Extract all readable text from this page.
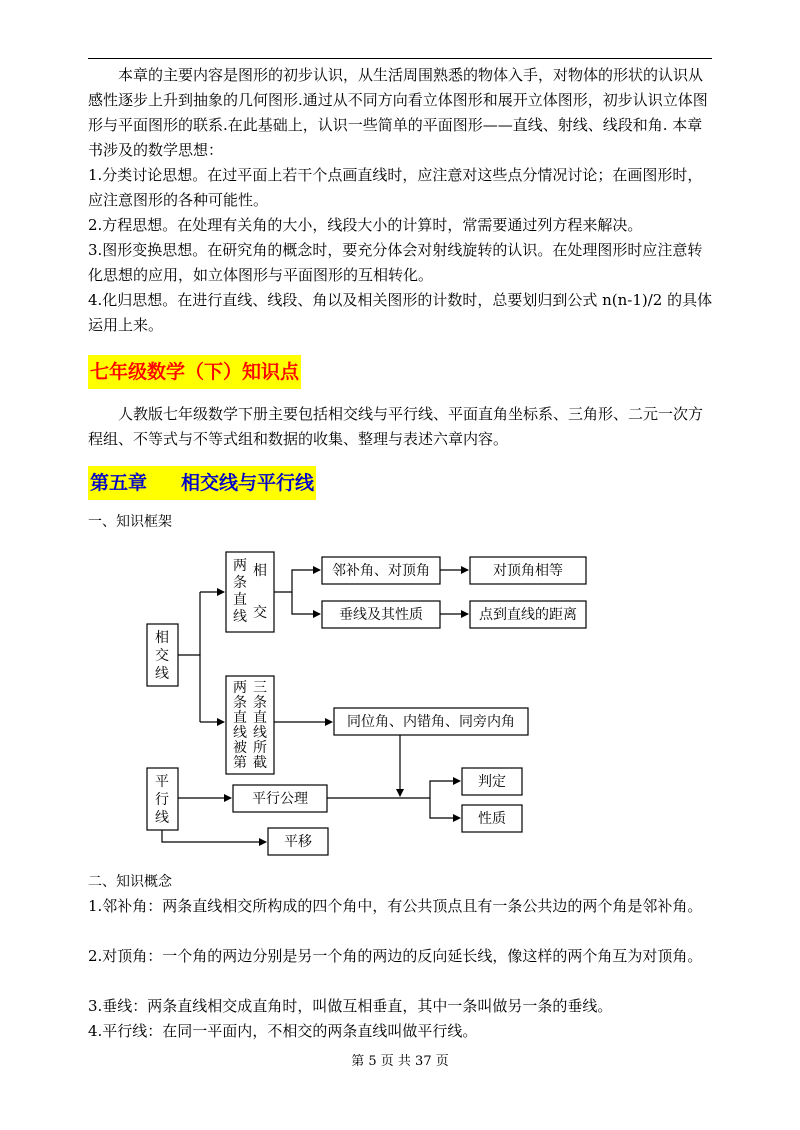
本章的主要内容是图形的初步认识，从生活周围熟悉的物体入手，对物体的形状的认识从感性逐步上升到抽象的几何图形.通过从不同方向看立体图形和展开立体图形，初步认识立体图形与平面图形的联系.在此基础上，认识一些简单的平面图形——直线、射线、线段和角. 本章书涉及的数学思想：

1.分类讨论思想。在过平面上若干个点画直线时，应注意对这些点分情况讨论；在画图形时，应注意图形的各种可能性。

2.方程思想。在处理有关角的大小，线段大小的计算时，常需要通过列方程来解决。

3.图形变换思想。在研究角的概念时，要充分体会对射线旋转的认识。在处理图形时应注意转化思想的应用，如立体图形与平面图形的互相转化。

4.化归思想。在进行直线、线段、角以及相关图形的计数时，总要划归到公式 n(n-1)/2 的具体运用上来。

七年级数学（下）知识点

人教版七年级数学下册主要包括相交线与平行线、平面直角坐标系、三角形、二元一次方程组、不等式与不等式组和数据的收集、整理与表述六章内容。

第五章 相交线与平行线

一、知识框架

相
交
线
两
条
直
线
相
交
两
条
直
线
被
第
三
条
直
线
所
截
平
行
线
邻补角、对顶角	对顶角相等
垂线及其性质	点到直线的距离
同位角、内错角、同旁内角
平行公理
判定
性质
平移

二、知识概念

1.邻补角：两条直线相交所构成的四个角中，有公共顶点且有一条公共边的两个角是邻补角。

2.对顶角：一个角的两边分别是另一个角的两边的反向延长线，像这样的两个角互为对顶角。

3.垂线：两条直线相交成直角时，叫做互相垂直，其中一条叫做另一条的垂线。

4.平行线：在同一平面内，不相交的两条直线叫做平行线。

第 5 页 共 37 页
